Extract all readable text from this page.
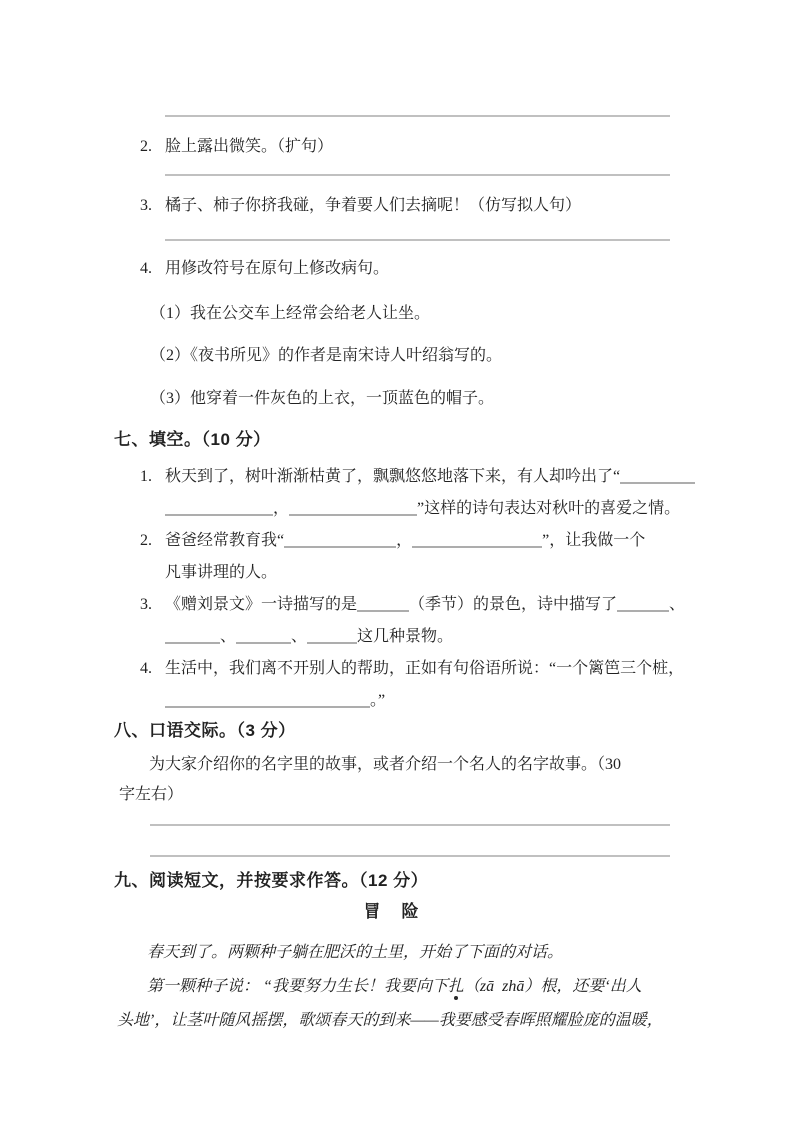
2. 脸上露出微笑。（扩句）
3. 橘子、柿子你挤我碰，争着要人们去摘呢！（仿写拟人句）
4. 用修改符号在原句上修改病句。
（1）我在公交车上经常会给老人让坐。
（2）《夜书所见》的作者是南宋诗人叶绍翁写的。
（3）他穿着一件灰色的上衣，一顶蓝色的帽子。
七、填空。（10 分）
1. 秋天到了，树叶渐渐枯黄了，飘飘悠悠地落下来，有人却吟出了“
，	”这样的诗句表达对秋叶的喜爱之情。
2. 爸爸经常教育我“	，	”，让我做一个
凡事讲理的人。
3. 《赠刘景文》一诗描写的是	（季节）的景色，诗中描写了	、
、	、	这几种景物。
4. 生活中，我们离不开别人的帮助，正如有句俗语所说：“一个篱笆三个桩，
。”
八、口语交际。（3 分）
为大家介绍你的名字里的故事，或者介绍一个名人的名字故事。（30
字左右）
九、阅读短文，并按要求作答。（12 分）
冒　险
春天到了。两颗种子躺在肥沃的土里，开始了下面的对话。
第一颗种子说： “我要努力生长！我要向下扎（zā  zhā）根，还要‘出人
头地’，让茎叶随风摇摆，歌颂春天的到来——我要感受春晖照耀脸庞的温暖，
